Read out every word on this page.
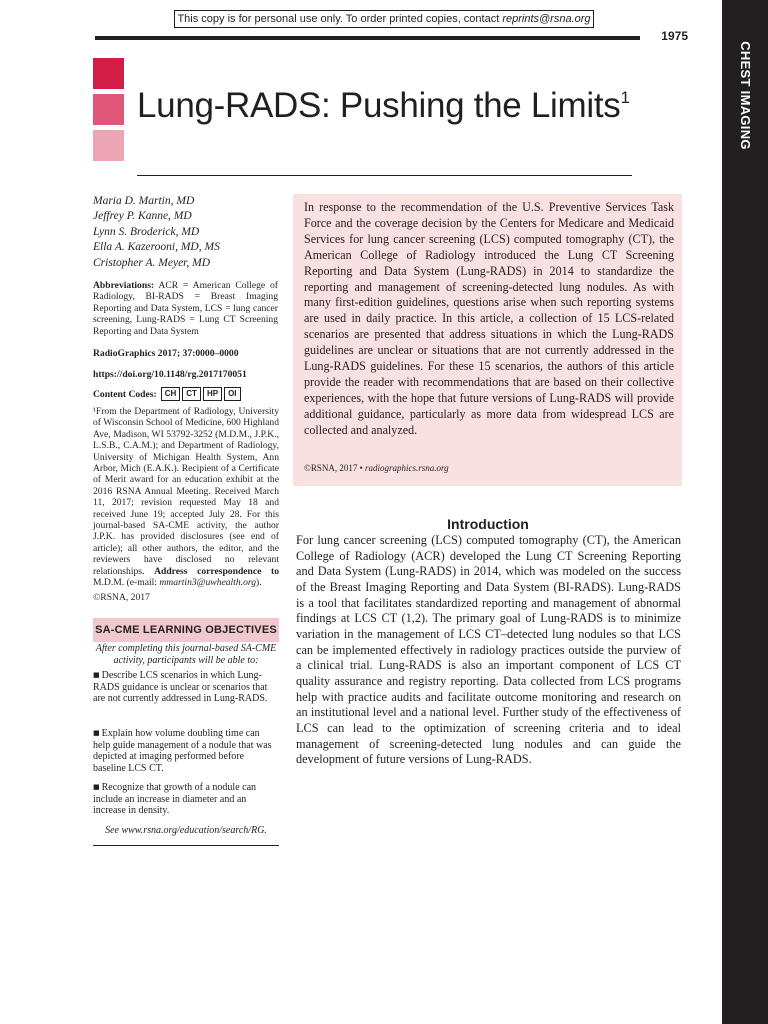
This copy is for personal use only. To order printed copies, contact reprints@rsna.org
1975
CHEST IMAGING
Lung-RADS: Pushing the Limits$^1$
Maria D. Martin, MD
Jeffrey P. Kanne, MD
Lynn S. Broderick, MD
Ella A. Kazerooni, MD, MS
Cristopher A. Meyer, MD
Abbreviations: ACR = American College of Radiology, BI-RADS = Breast Imaging Reporting and Data System, LCS = lung cancer screening, Lung-RADS = Lung CT Screening Reporting and Data System
RadioGraphics 2017; 37:0000–0000
https://doi.org/10.1148/rg.2017170051
Content Codes:	CH	CT	HP	OI
¹From the Department of Radiology, University of Wisconsin School of Medicine, 600 Highland Ave, Madison, WI 53792-3252 (M.D.M., J.P.K., L.S.B., C.A.M.); and Department of Radiology, University of Michigan Health System, Ann Arbor, Mich (E.A.K.). Recipient of a Certificate of Merit award for an education exhibit at the 2016 RSNA Annual Meeting. Received March 11, 2017; revision requested May 18 and received June 19; accepted July 28. For this journal-based SA-CME activity, the author J.P.K. has provided disclosures (see end of article); all other authors, the editor, and the reviewers have disclosed no relevant relationships. Address correspondence to M.D.M. (e-mail: mmartin3@uwhealth.org).
©RSNA, 2017
SA-CME LEARNING OBJECTIVES
After completing this journal-based SA-CME activity, participants will be able to:
■ Describe LCS scenarios in which Lung-RADS guidance is unclear or scenarios that are not currently addressed in Lung-RADS.
■ Explain how volume doubling time can help guide management of a nodule that was depicted at imaging performed before baseline LCS CT.
■ Recognize that growth of a nodule can include an increase in diameter and an increase in density.
See www.rsna.org/education/search/RG.
In response to the recommendation of the U.S. Preventive Services Task Force and the coverage decision by the Centers for Medicare and Medicaid Services for lung cancer screening (LCS) computed tomography (CT), the American College of Radiology introduced the Lung CT Screening Reporting and Data System (Lung-RADS) in 2014 to standardize the reporting and management of screening-detected lung nodules. As with many first-edition guidelines, questions arise when such reporting systems are used in daily practice. In this article, a collection of 15 LCS-related scenarios are presented that address situations in which the Lung-RADS guidelines are unclear or situations that are not currently addressed in the Lung-RADS guidelines. For these 15 scenarios, the authors of this article provide the reader with recommendations that are based on their collective experiences, with the hope that future versions of Lung-RADS will provide additional guidance, particularly as more data from widespread LCS are collected and analyzed.
©RSNA, 2017 • radiographics.rsna.org
Introduction
For lung cancer screening (LCS) computed tomography (CT), the American College of Radiology (ACR) developed the Lung CT Screening Reporting and Data System (Lung-RADS) in 2014, which was modeled on the success of the Breast Imaging Reporting and Data System (BI-RADS). Lung-RADS is a tool that facilitates standardized reporting and management of abnormal findings at LCS CT (1,2). The primary goal of Lung-RADS is to minimize variation in the management of LCS CT–detected lung nodules so that LCS can be implemented effectively in radiology practices outside the purview of a clinical trial. Lung-RADS is also an important component of LCS CT quality assurance and registry reporting. Data collected from LCS programs help with practice audits and facilitate outcome monitoring and research on an institutional level and a national level. Further study of the effectiveness of LCS can lead to the optimization of screening criteria and to ideal management of screening-detected lung nodules and can guide the development of future versions of Lung-RADS.
